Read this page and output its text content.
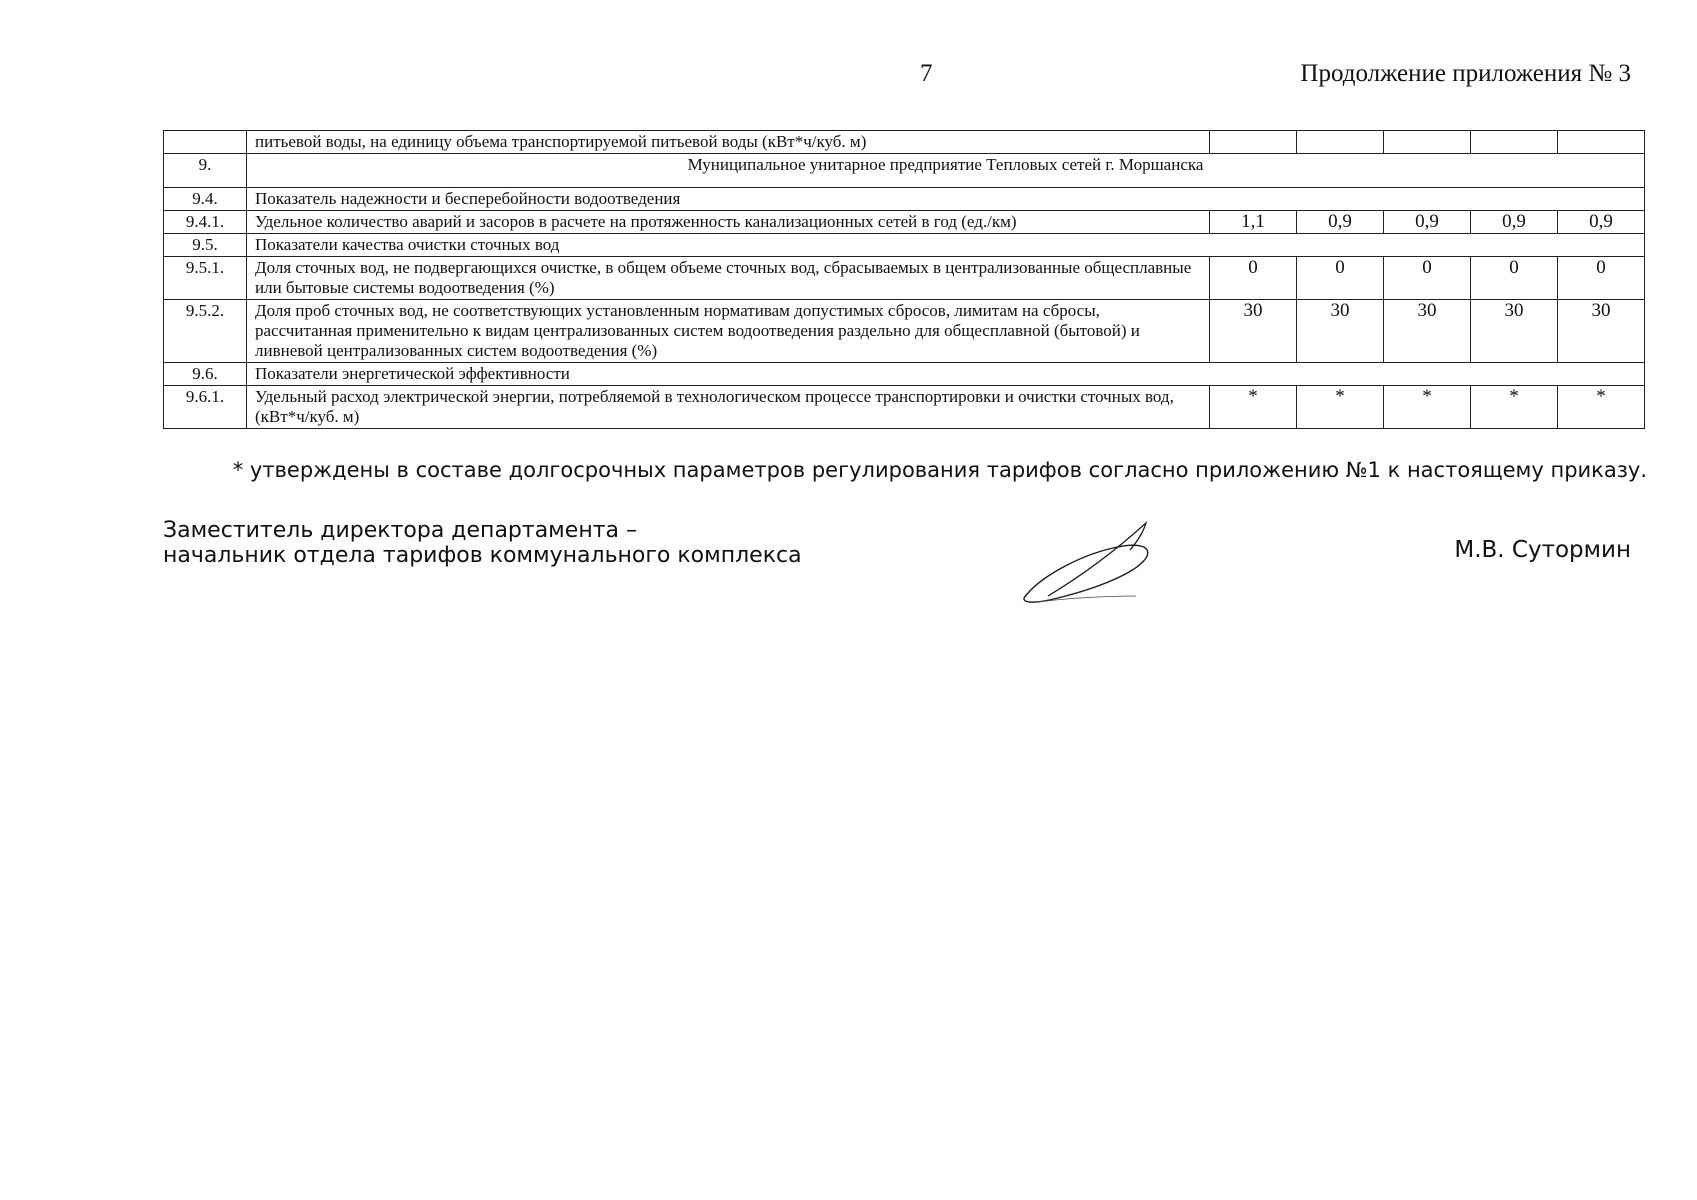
7	Продолжение приложения № 3
	питьевой воды, на единицу объема транспортируемой питьевой воды (кВт*ч/куб. м)					
9.	Муниципальное унитарное предприятие Тепловых сетей г. Моршанска					
9.4.	Показатель надежности и бесперебойности водоотведения					
9.4.1.	Удельное количество аварий и засоров в расчете на протяженность канализационных сетей в год (ед./км)	1,1	0,9	0,9	0,9	0,9
9.5.	Показатели качества очистки сточных вод					
9.5.1.	Доля сточных вод, не подвергающихся очистке, в общем объеме сточных вод, сбрасываемых в централизованные общесплавные или бытовые системы водоотведения (%)	0	0	0	0	0
9.5.2.	Доля проб сточных вод, не соответствующих установленным нормативам допустимых сбросов, лимитам на сбросы, рассчитанная применительно к видам централизованных систем водоотведения раздельно для общесплавной (бытовой) и ливневой централизованных систем водоотведения (%)	30	30	30	30	30
9.6.	Показатели энергетической эффективности					
9.6.1.	Удельный расход электрической энергии, потребляемой в технологическом процессе транспортировки и очистки сточных вод, (кВт*ч/куб. м)	*	*	*	*	*
* утверждены в составе долгосрочных параметров регулирования тарифов согласно приложению №1 к настоящему приказу.
Заместитель директора департамента –
начальник отдела тарифов коммунального комплекса	М.В. Сутормин
